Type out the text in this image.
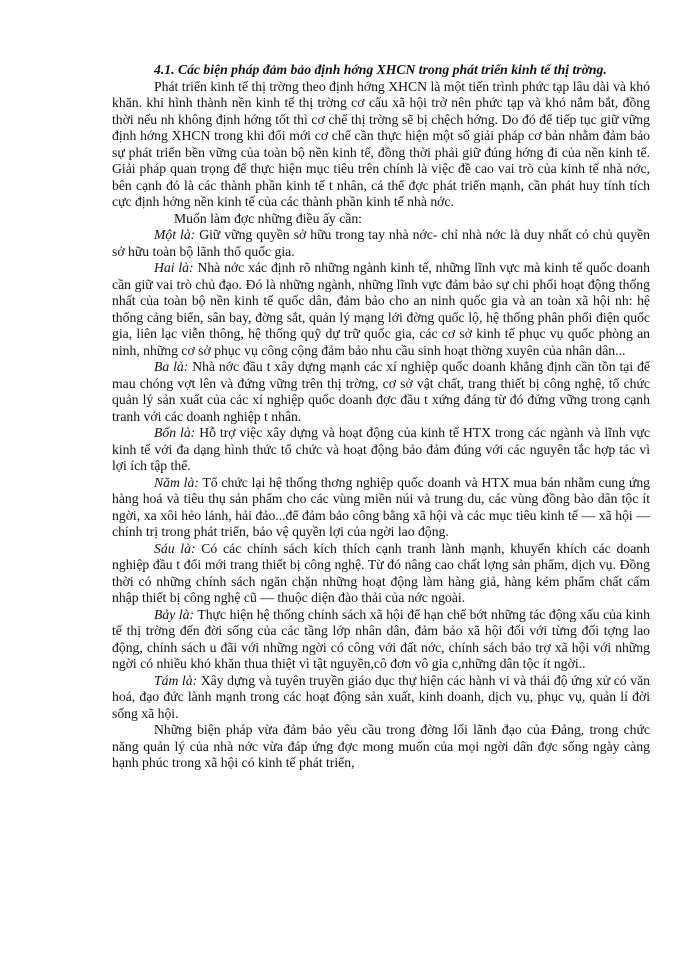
4.1. Các biện pháp đảm bảo định hớng XHCN trong phát triển kinh tế thị trờng.

Phát triển kinh tế thị trờng theo định hớng XHCN là một tiến trình phức tạp lâu dài và khó khăn. khi hình thành nền kinh tế thị trờng cơ cấu xã hội trở nên phức tạp và khó nắm bắt, đồng thời nếu nh không định hớng tốt thì cơ chế thị trờng sẽ bị chệch hớng. Do đó để tiếp tục giữ vững định hớng XHCN trong khi đổi mới cơ chế cần thực hiện một số giải pháp cơ bản nhằm đảm bảo sự phát triển bền vững của toàn bộ nền kinh tế, đồng thời phải giữ đúng hớng đi của nền kinh tế. Giải pháp quan trọng để thực hiện mục tiêu trên chính là việc đề cao vai trò của kinh tế nhà nớc, bên cạnh đó là các thành phần kinh tế t nhân, cá thể đợc phát triển mạnh, cần phát huy tính tích cực định hớng nền kinh tế của các thành phần kinh tế nhà nớc.

Muốn làm đợc những điều ấy cần:

Một là: Giữ vững quyền sở hữu trong tay nhà nớc- chỉ nhà nớc là duy nhất có chủ quyền sở hữu toàn bộ lãnh thổ quốc gia.

Hai là: Nhà nớc xác định rõ những ngành kinh tế, những lĩnh vực mà kinh tế quốc doanh cần giữ vai trò chủ đạo. Đó là những ngành, những lĩnh vực đảm bảo sự chi phối hoạt động thống nhất của toàn bộ nền kinh tế quốc dân, đảm bảo cho an ninh quốc gia và an toàn xã hội nh: hệ thống cảng biển, sân bay, đờng sắt, quản lý mạng lới đờng quốc lộ, hệ thống phân phối điện quốc gia, liên lạc viễn thông, hệ thống quỹ dự trữ quốc gia, các cơ sở kinh tế phục vụ quốc phòng an ninh, những cơ sở phục vụ công cộng đảm bảo nhu cầu sinh hoạt thờng xuyên của nhân dân...

Ba là: Nhà nớc đầu t xây dựng mạnh các xí nghiệp quốc doanh khẳng định cần tồn tại để mau chóng vợt lên và đứng vững trên thị trờng, cơ sở vật chất, trang thiết bị công nghệ, tổ chức quản lý sản xuất của các xí nghiệp quốc doanh đợc đầu t xứng đáng từ đó đứng vững trong cạnh tranh với các doanh nghiệp t nhân.

Bốn là: Hỗ trợ việc xây dựng và hoạt động của kinh tế HTX trong các ngành và lĩnh vực kinh tế với đa dạng hình thức tổ chức và hoạt động bảo đảm đúng với các nguyên tắc hợp tác vì lợi ích tập thể.

Năm là: Tổ chức lại hệ thống thơng nghiệp quốc doanh và HTX mua bán nhằm cung ứng hàng hoá và tiêu thụ sản phẩm cho các vùng miền núi và trung du, các vùng đồng bào dân tộc ít ngời, xa xôi hẻo lánh, hải đảo...để đảm bảo công bằng xã hội và các mục tiêu kinh tế — xã hội — chính trị trong phát triển, bảo vệ quyền lợi của ngời lao động.

Sáu là: Có các chính sách kích thích cạnh tranh lành mạnh, khuyến khích các doanh nghiệp đầu t đổi mới trang thiết bị công nghệ. Từ đó nâng cao chất lợng sản phẩm, dịch vụ. Đồng thời có những chính sách ngăn chặn những hoạt động làm hàng giả, hàng kém phẩm chất cấm nhập thiết bị công nghệ cũ — thuộc diện đào thải của nớc ngoài.

Bảy là: Thực hiện hệ thống chính sách xã hội để hạn chế bớt những tác động xấu của kinh tế thị trờng đến đời sống của các tầng lớp nhân dân, đảm bảo xã hội đối với từng đối tợng lao động, chính sách u đãi với những ngời có công với đất nớc, chính sách bảo trợ xã hội với những ngời có nhiều khó khăn thua thiệt vì tật nguyền,cô đơn vô gia c,những dân tộc ít ngời..

Tám là: Xây dựng và tuyên truyền giáo dục thự hiện các hành vi và thái độ ứng xử có văn hoá, đạo đức lành mạnh trong các hoạt động sản xuất, kinh doanh, dịch vụ, phục vụ, quản lí đời sống xã hội.

Những biện pháp vừa đảm bảo yêu cầu trong đờng lối lãnh đạo của Đảng, trong chức năng quản lý của nhà nớc vừa đáp ứng đợc mong muốn của mọi ngời dân đợc sống ngày càng hạnh phúc trong xã hội có kinh tế phát triển,
